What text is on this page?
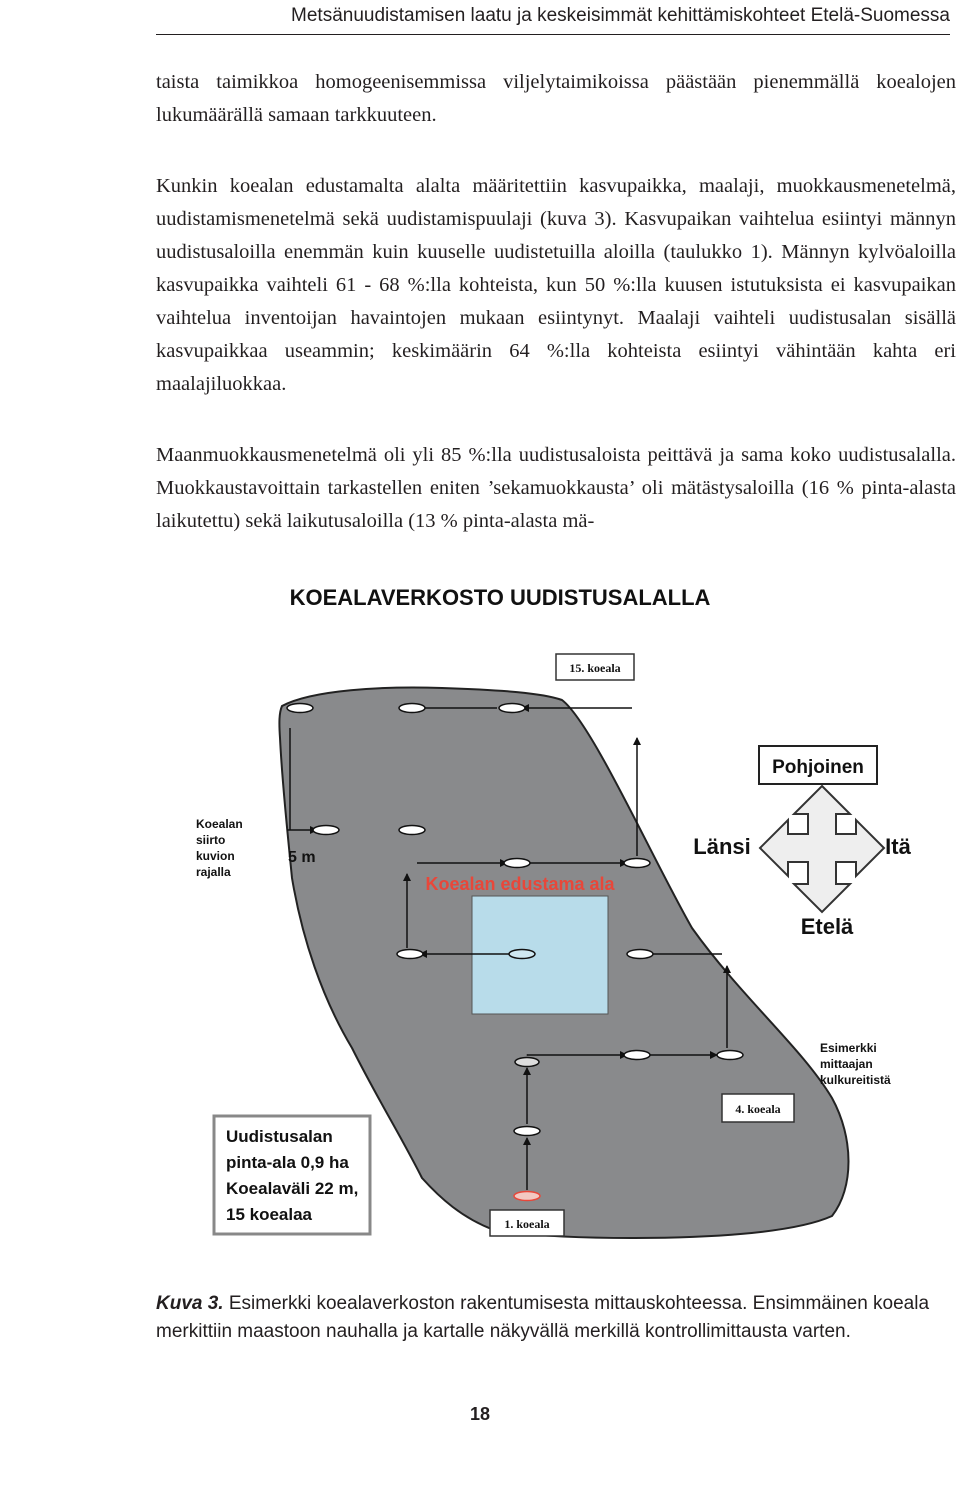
Metsänuudistamisen laatu ja keskeisimmät kehittämiskohteet Etelä-Suomessa

taista taimikkoa homogeenisemmissa viljelytaimikoissa päästään pienemmällä koealojen lukumäärällä samaan tarkkuuteen.

Kunkin koealan edustamalta alalta määritettiin kasvupaikka, maalaji, muokkausmenetelmä, uudistamismenetelmä sekä uudistamispuulaji (kuva 3). Kasvupaikan vaihtelua esiintyi männyn uudistusaloilla enemmän kuin kuuselle uudistetuilla aloilla (taulukko 1). Männyn kylvöaloilla kasvupaikka vaihteli 61 - 68 %:lla kohteista, kun 50 %:lla kuusen istutuksista ei kasvupaikan vaihtelua inventoijan havaintojen mukaan esiintynyt. Maalaji vaihteli uudistusalan sisällä kasvupaikkaa useammin; keskimäärin 64 %:lla kohteista esiintyi vähintään kahta eri maalajiluokkaa.

Maanmuokkausmenetelmä oli yli 85 %:lla uudistusaloista peittävä ja sama koko uudistusalalla. Muokkaustavoittain tarkastellen eniten ’sekamuokkausta’ oli mätästysaloilla (16 % pinta-alasta laikutettu) sekä laikutusaloilla (13 % pinta-alasta mä-

KOEALAVERKOSTO UUDISTUSALALLA
15. koeala
4. koeala
1. koeala
Pohjoinen
Länsi	Itä
Etelä
Koealan
siirto
kuvion
rajalla
5 m
Koealan edustama ala
Esimerkki
mittaajan
kulkureitistä
Uudistusalan
pinta-ala 0,9 ha
Koealaväli 22 m,
15 koealaa
Kuva 3. Esimerkki koealaverkoston rakentumisesta mittauskohteessa. Ensimmäinen koeala merkittiin maastoon nauhalla ja kartalle näkyvällä merkillä kontrollimittausta varten.
18
